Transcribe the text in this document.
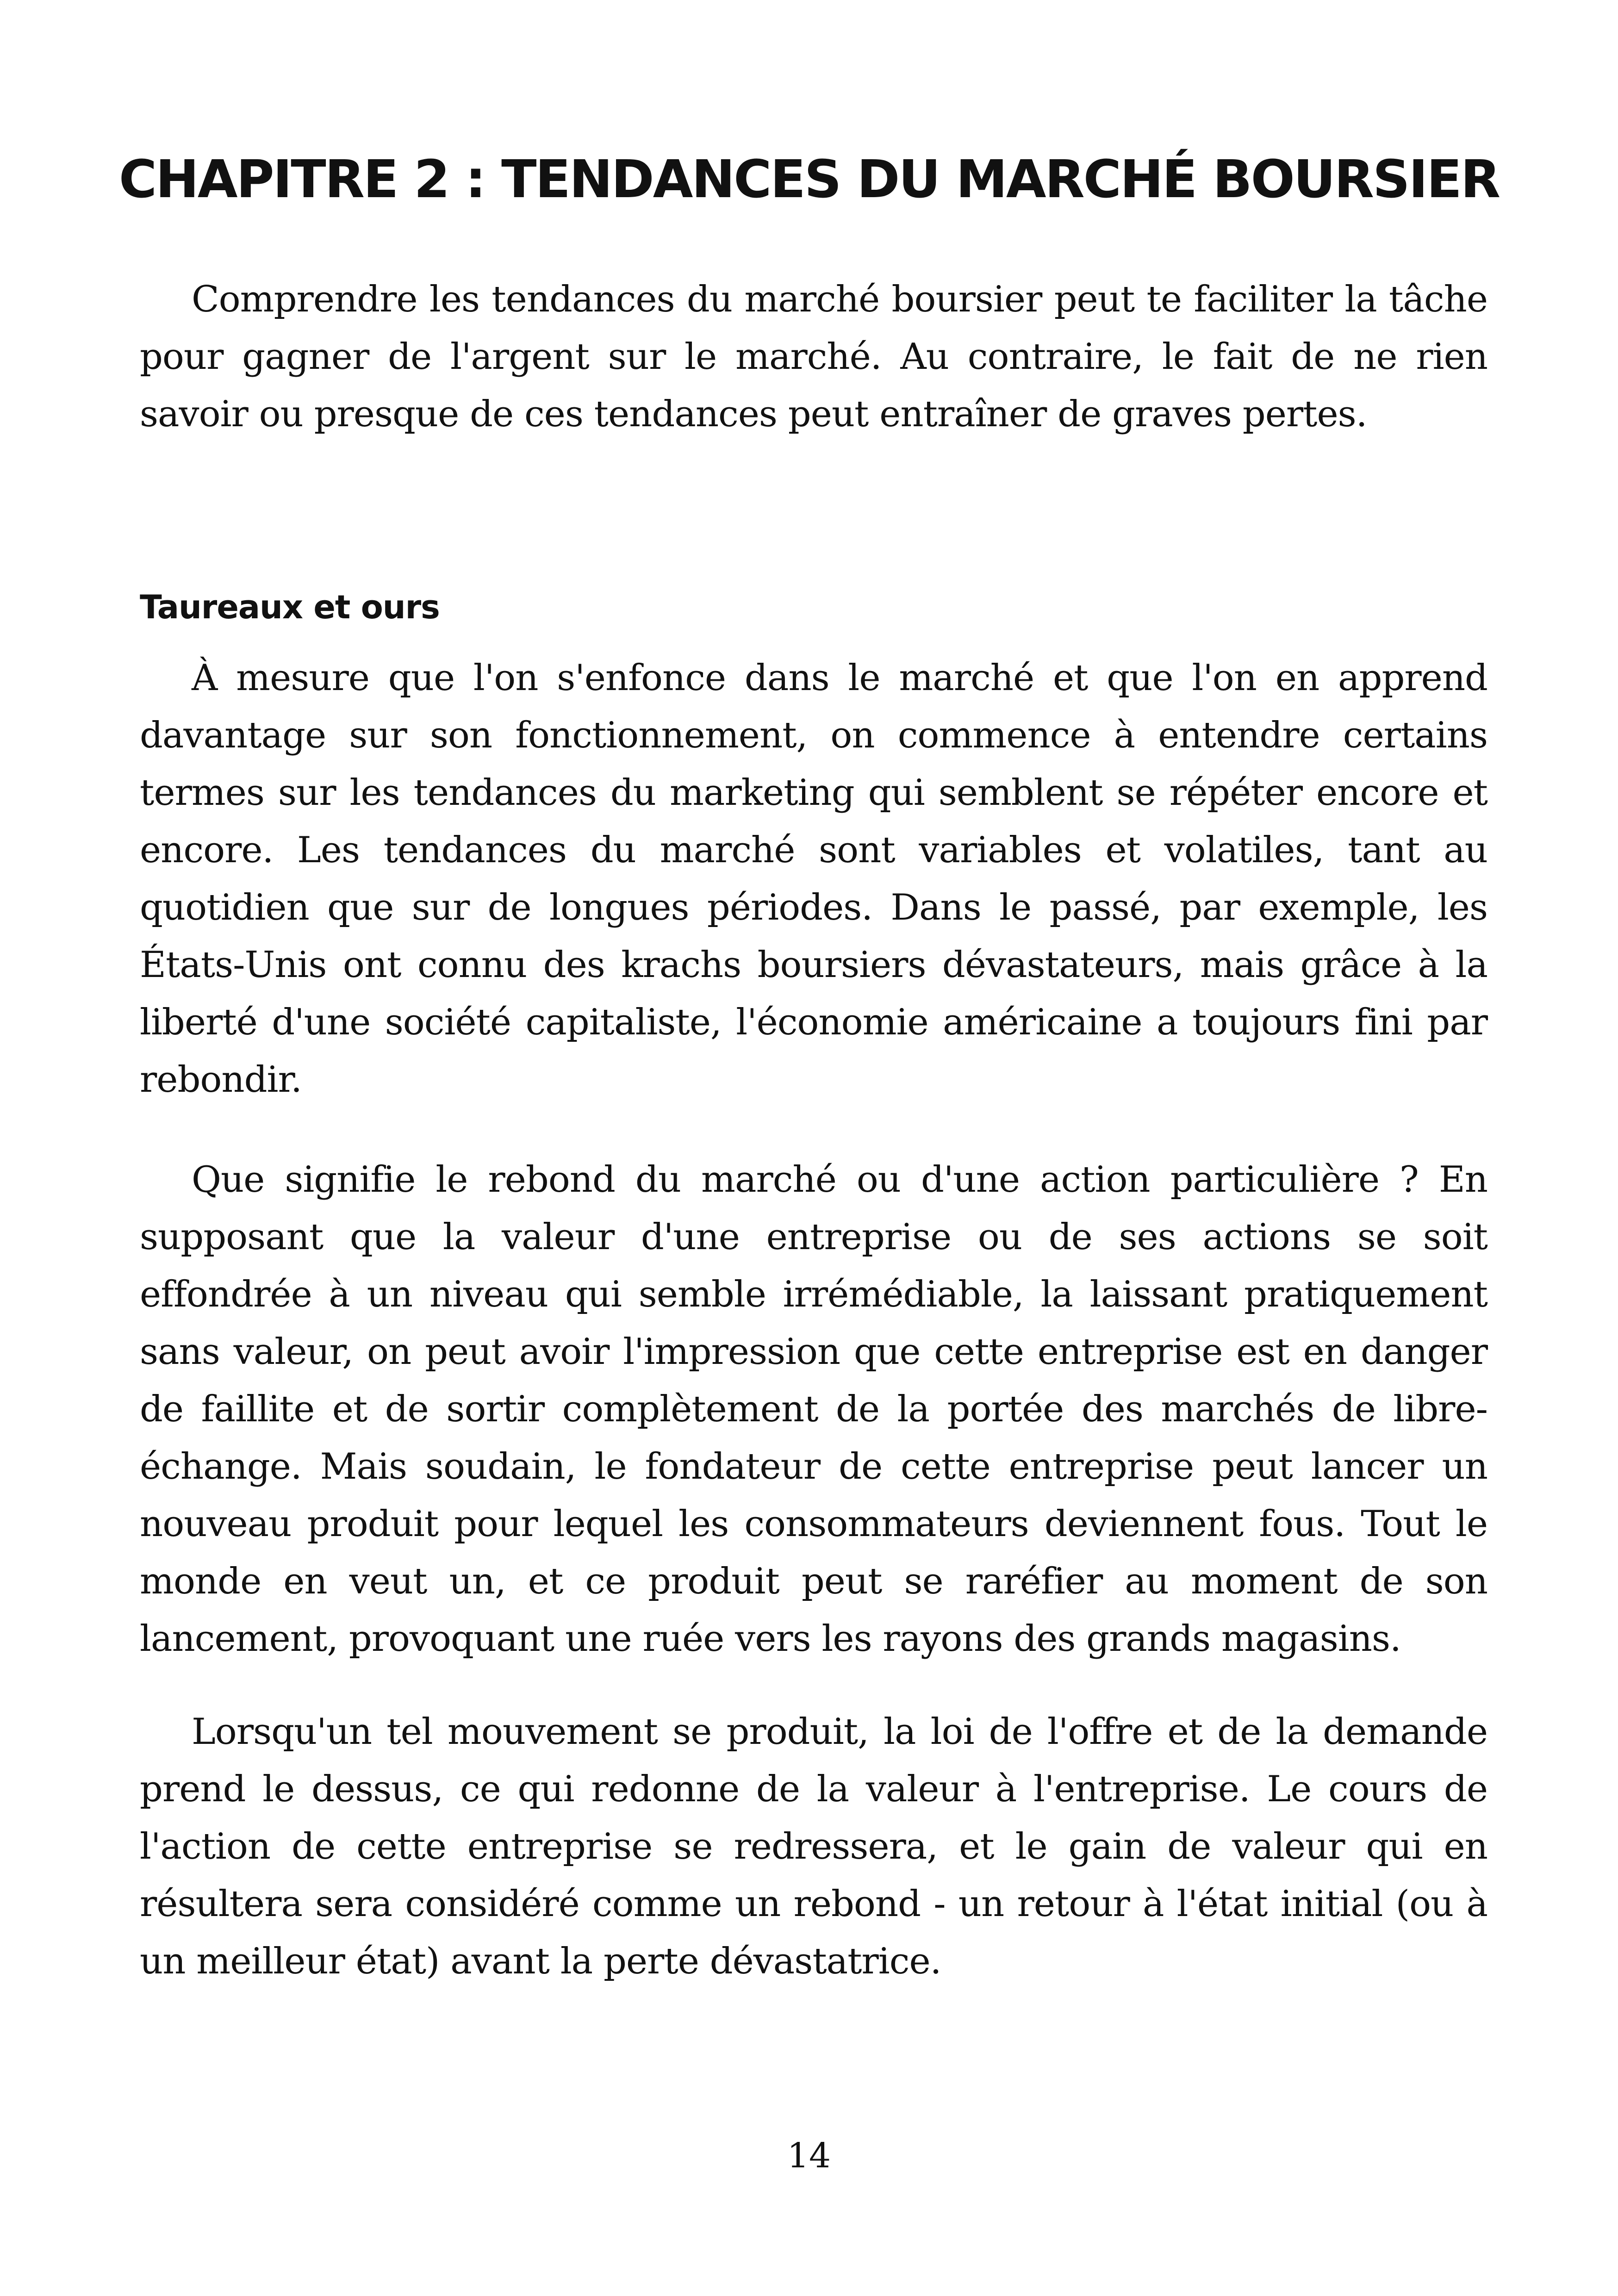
CHAPITRE 2 : TENDANCES DU MARCHÉ BOURSIER

Comprendre les tendances du marché boursier peut te faciliter la tâche pour gagner de l'argent sur le marché. Au contraire, le fait de ne rien savoir ou presque de ces tendances peut entraîner de graves pertes.

Taureaux et ours

À mesure que l'on s'enfonce dans le marché et que l'on en apprend davantage sur son fonctionnement, on commence à entendre certains termes sur les tendances du marketing qui semblent se répéter encore et encore. Les tendances du marché sont variables et volatiles, tant au quotidien que sur de longues périodes. Dans le passé, par exemple, les États-Unis ont connu des krachs boursiers dévastateurs, mais grâce à la liberté d'une société capitaliste, l'économie américaine a toujours fini par rebondir.

Que signifie le rebond du marché ou d'une action particulière ? En supposant que la valeur d'une entreprise ou de ses actions se soit effondrée à un niveau qui semble irrémédiable, la laissant pratiquement sans valeur, on peut avoir l'impression que cette entreprise est en danger de faillite et de sortir complètement de la portée des marchés de libre-échange. Mais soudain, le fondateur de cette entreprise peut lancer un nouveau produit pour lequel les consommateurs deviennent fous. Tout le monde en veut un, et ce produit peut se raréfier au moment de son lancement, provoquant une ruée vers les rayons des grands magasins.

Lorsqu'un tel mouvement se produit, la loi de l'offre et de la demande prend le dessus, ce qui redonne de la valeur à l'entreprise. Le cours de l'action de cette entreprise se redressera, et le gain de valeur qui en résultera sera considéré comme un rebond - un retour à l'état initial (ou à un meilleur état) avant la perte dévastatrice.

14
